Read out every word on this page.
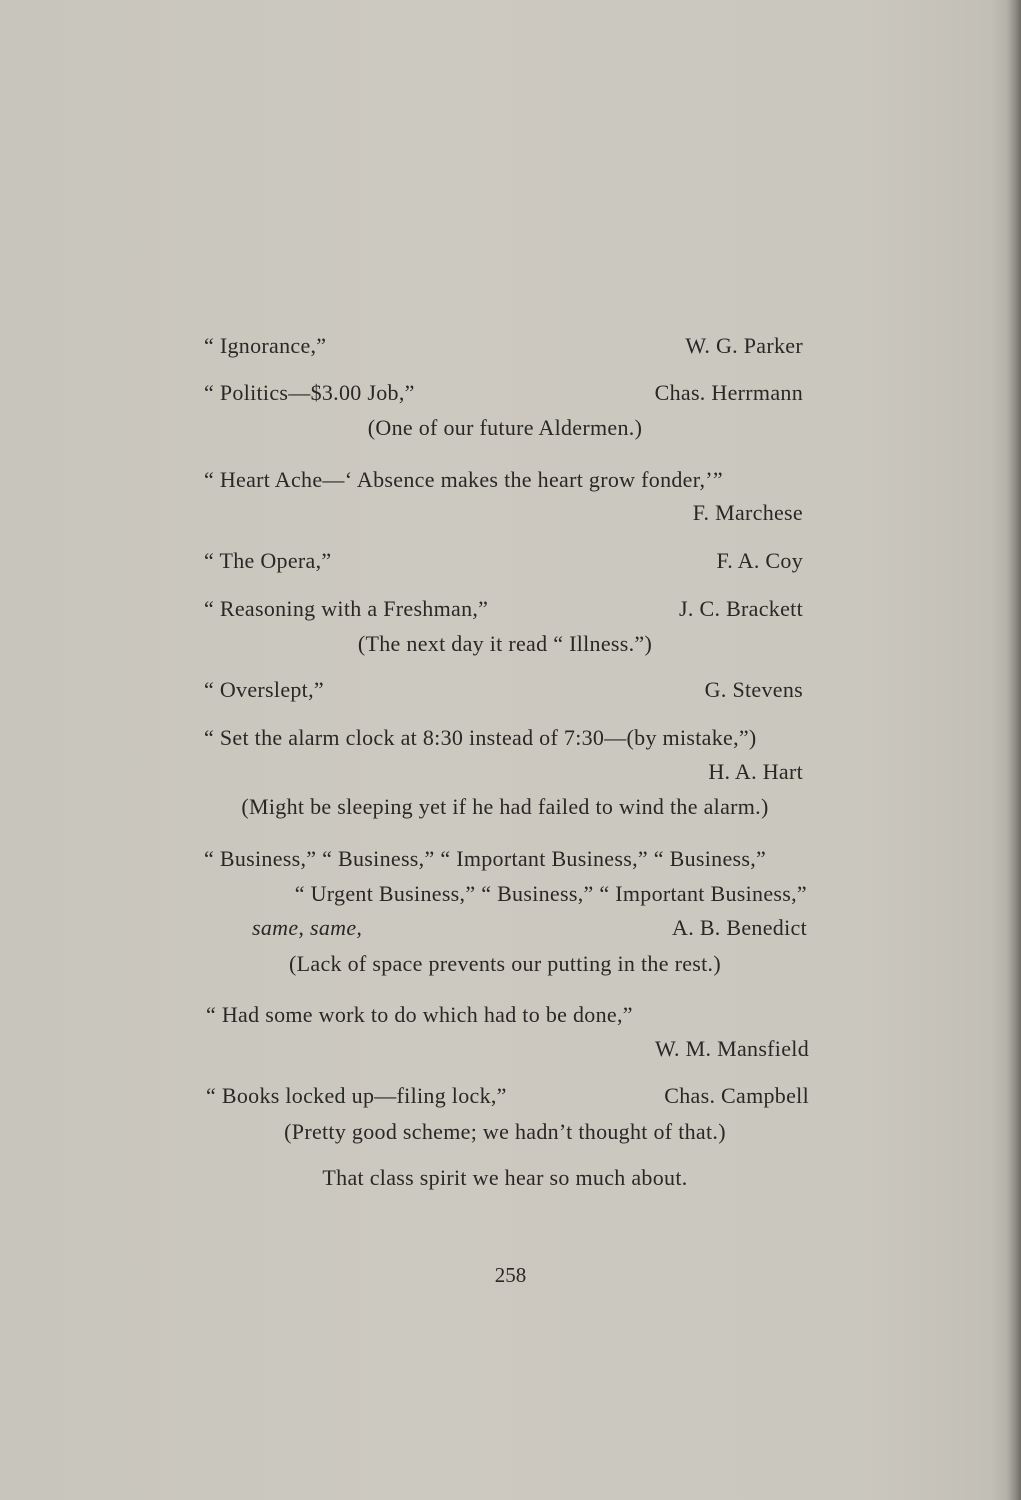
“ Ignorance,”	W. G. Parker
“ Politics—$3.00 Job,”	Chas. Herrmann
(One of our future Aldermen.)
“ Heart Ache—‘ Absence makes the heart grow fonder,’”
F. Marchese
“ The Opera,”	F. A. Coy
“ Reasoning with a Freshman,”	J. C. Brackett
(The next day it read “ Illness.”)
“ Overslept,”	G. Stevens
“ Set the alarm clock at 8:30 instead of 7:30—(by mistake,”)
H. A. Hart
(Might be sleeping yet if he had failed to wind the alarm.)
“ Business,” “ Business,” “ Important Business,” “ Business,”
“ Urgent Business,” “ Business,” “ Important Business,”
same, same,	A. B. Benedict
(Lack of space prevents our putting in the rest.)
“ Had some work to do which had to be done,”
W. M. Mansfield
“ Books locked up—filing lock,”	Chas. Campbell
(Pretty good scheme; we hadn’t thought of that.)
That class spirit we hear so much about.
258
